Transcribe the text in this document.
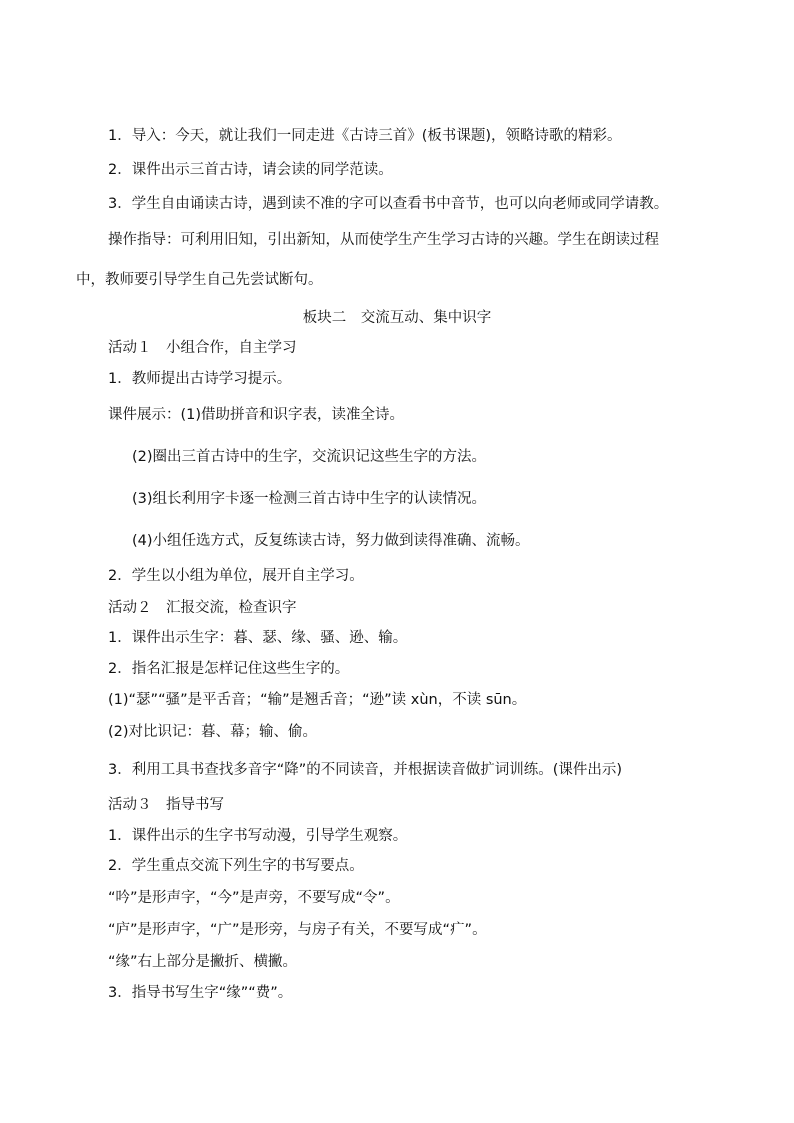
1．导入：今天，就让我们一同走进《古诗三首》(板书课题)，领略诗歌的精彩。
2．课件出示三首古诗，请会读的同学范读。
3．学生自由诵读古诗，遇到读不准的字可以查看书中音节，也可以向老师或同学请教。
操作指导：可利用旧知，引出新知，从而使学生产生学习古诗的兴趣。学生在朗读过程
中，教师要引导学生自己先尝试断句。
板块二　交流互动、集中识字
活动１　小组合作，自主学习
1．教师提出古诗学习提示。
课件展示：(1)借助拼音和识字表，读准全诗。
(2)圈出三首古诗中的生字，交流识记这些生字的方法。
(3)组长利用字卡逐一检测三首古诗中生字的认读情况。
(4)小组任选方式，反复练读古诗，努力做到读得准确、流畅。
2．学生以小组为单位，展开自主学习。
活动２　汇报交流，检查识字
1．课件出示生字：暮、瑟、缘、骚、逊、输。
2．指名汇报是怎样记住这些生字的。
(1)“瑟”“骚”是平舌音；“输”是翘舌音；“逊”读 xùn，不读 sūn。
(2)对比识记：暮、幕；输、偷。
3．利用工具书查找多音字“降”的不同读音，并根据读音做扩词训练。(课件出示)
活动３　指导书写
1．课件出示的生字书写动漫，引导学生观察。
2．学生重点交流下列生字的书写要点。
“吟”是形声字，“今”是声旁，不要写成“令”。
“庐”是形声字，“广”是形旁，与房子有关，不要写成“疒”。
“缘”右上部分是撇折、横撇。
3．指导书写生字“缘”“费”。
